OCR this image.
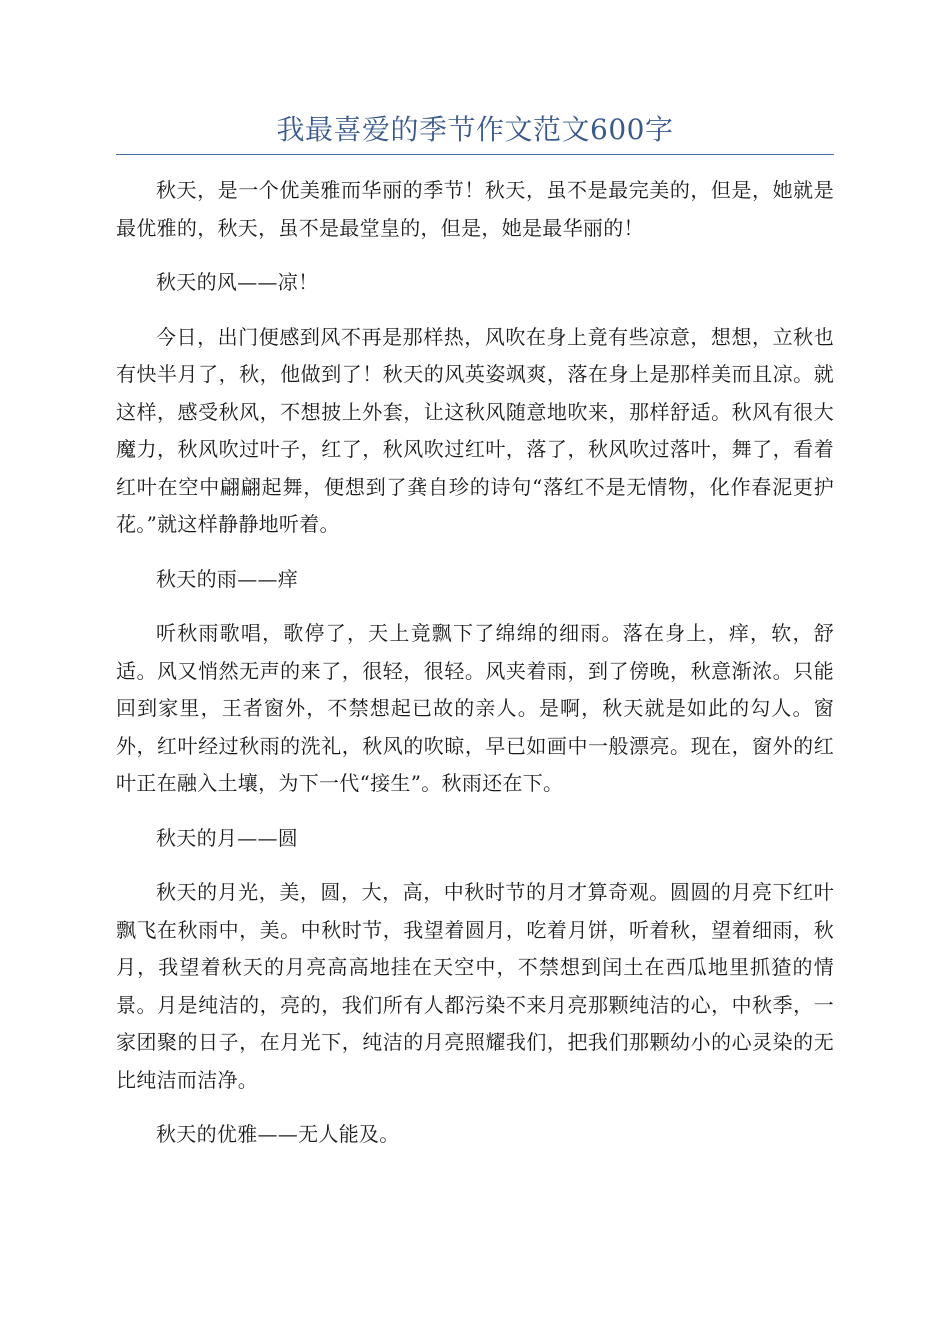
我最喜爱的季节作文范文600字

秋天，是一个优美雅而华丽的季节！秋天，虽不是最完美的，但是，她就是最优雅的，秋天，虽不是最堂皇的，但是，她是最华丽的！

秋天的风——凉！

今日，出门便感到风不再是那样热，风吹在身上竟有些凉意，想想，立秋也有快半月了，秋，他做到了！秋天的风英姿飒爽，落在身上是那样美而且凉。就这样，感受秋风，不想披上外套，让这秋风随意地吹来，那样舒适。秋风有很大魔力，秋风吹过叶子，红了，秋风吹过红叶，落了，秋风吹过落叶，舞了，看着红叶在空中翩翩起舞，便想到了龚自珍的诗句“落红不是无情物，化作春泥更护花。”就这样静静地听着。

秋天的雨——痒

听秋雨歌唱，歌停了，天上竟飘下了绵绵的细雨。落在身上，痒，软，舒适。风又悄然无声的来了，很轻，很轻。风夹着雨，到了傍晚，秋意渐浓。只能回到家里，王者窗外，不禁想起已故的亲人。是啊，秋天就是如此的勾人。窗外，红叶经过秋雨的洗礼，秋风的吹晾，早已如画中一般漂亮。现在，窗外的红叶正在融入土壤，为下一代“接生”。秋雨还在下。

秋天的月——圆

秋天的月光，美，圆，大，高，中秋时节的月才算奇观。圆圆的月亮下红叶飘飞在秋雨中，美。中秋时节，我望着圆月，吃着月饼，听着秋，望着细雨，秋月，我望着秋天的月亮高高地挂在天空中，不禁想到闰土在西瓜地里抓猹的情景。月是纯洁的，亮的，我们所有人都污染不来月亮那颗纯洁的心，中秋季，一家团聚的日子，在月光下，纯洁的月亮照耀我们，把我们那颗幼小的心灵染的无比纯洁而洁净。

秋天的优雅——无人能及。
